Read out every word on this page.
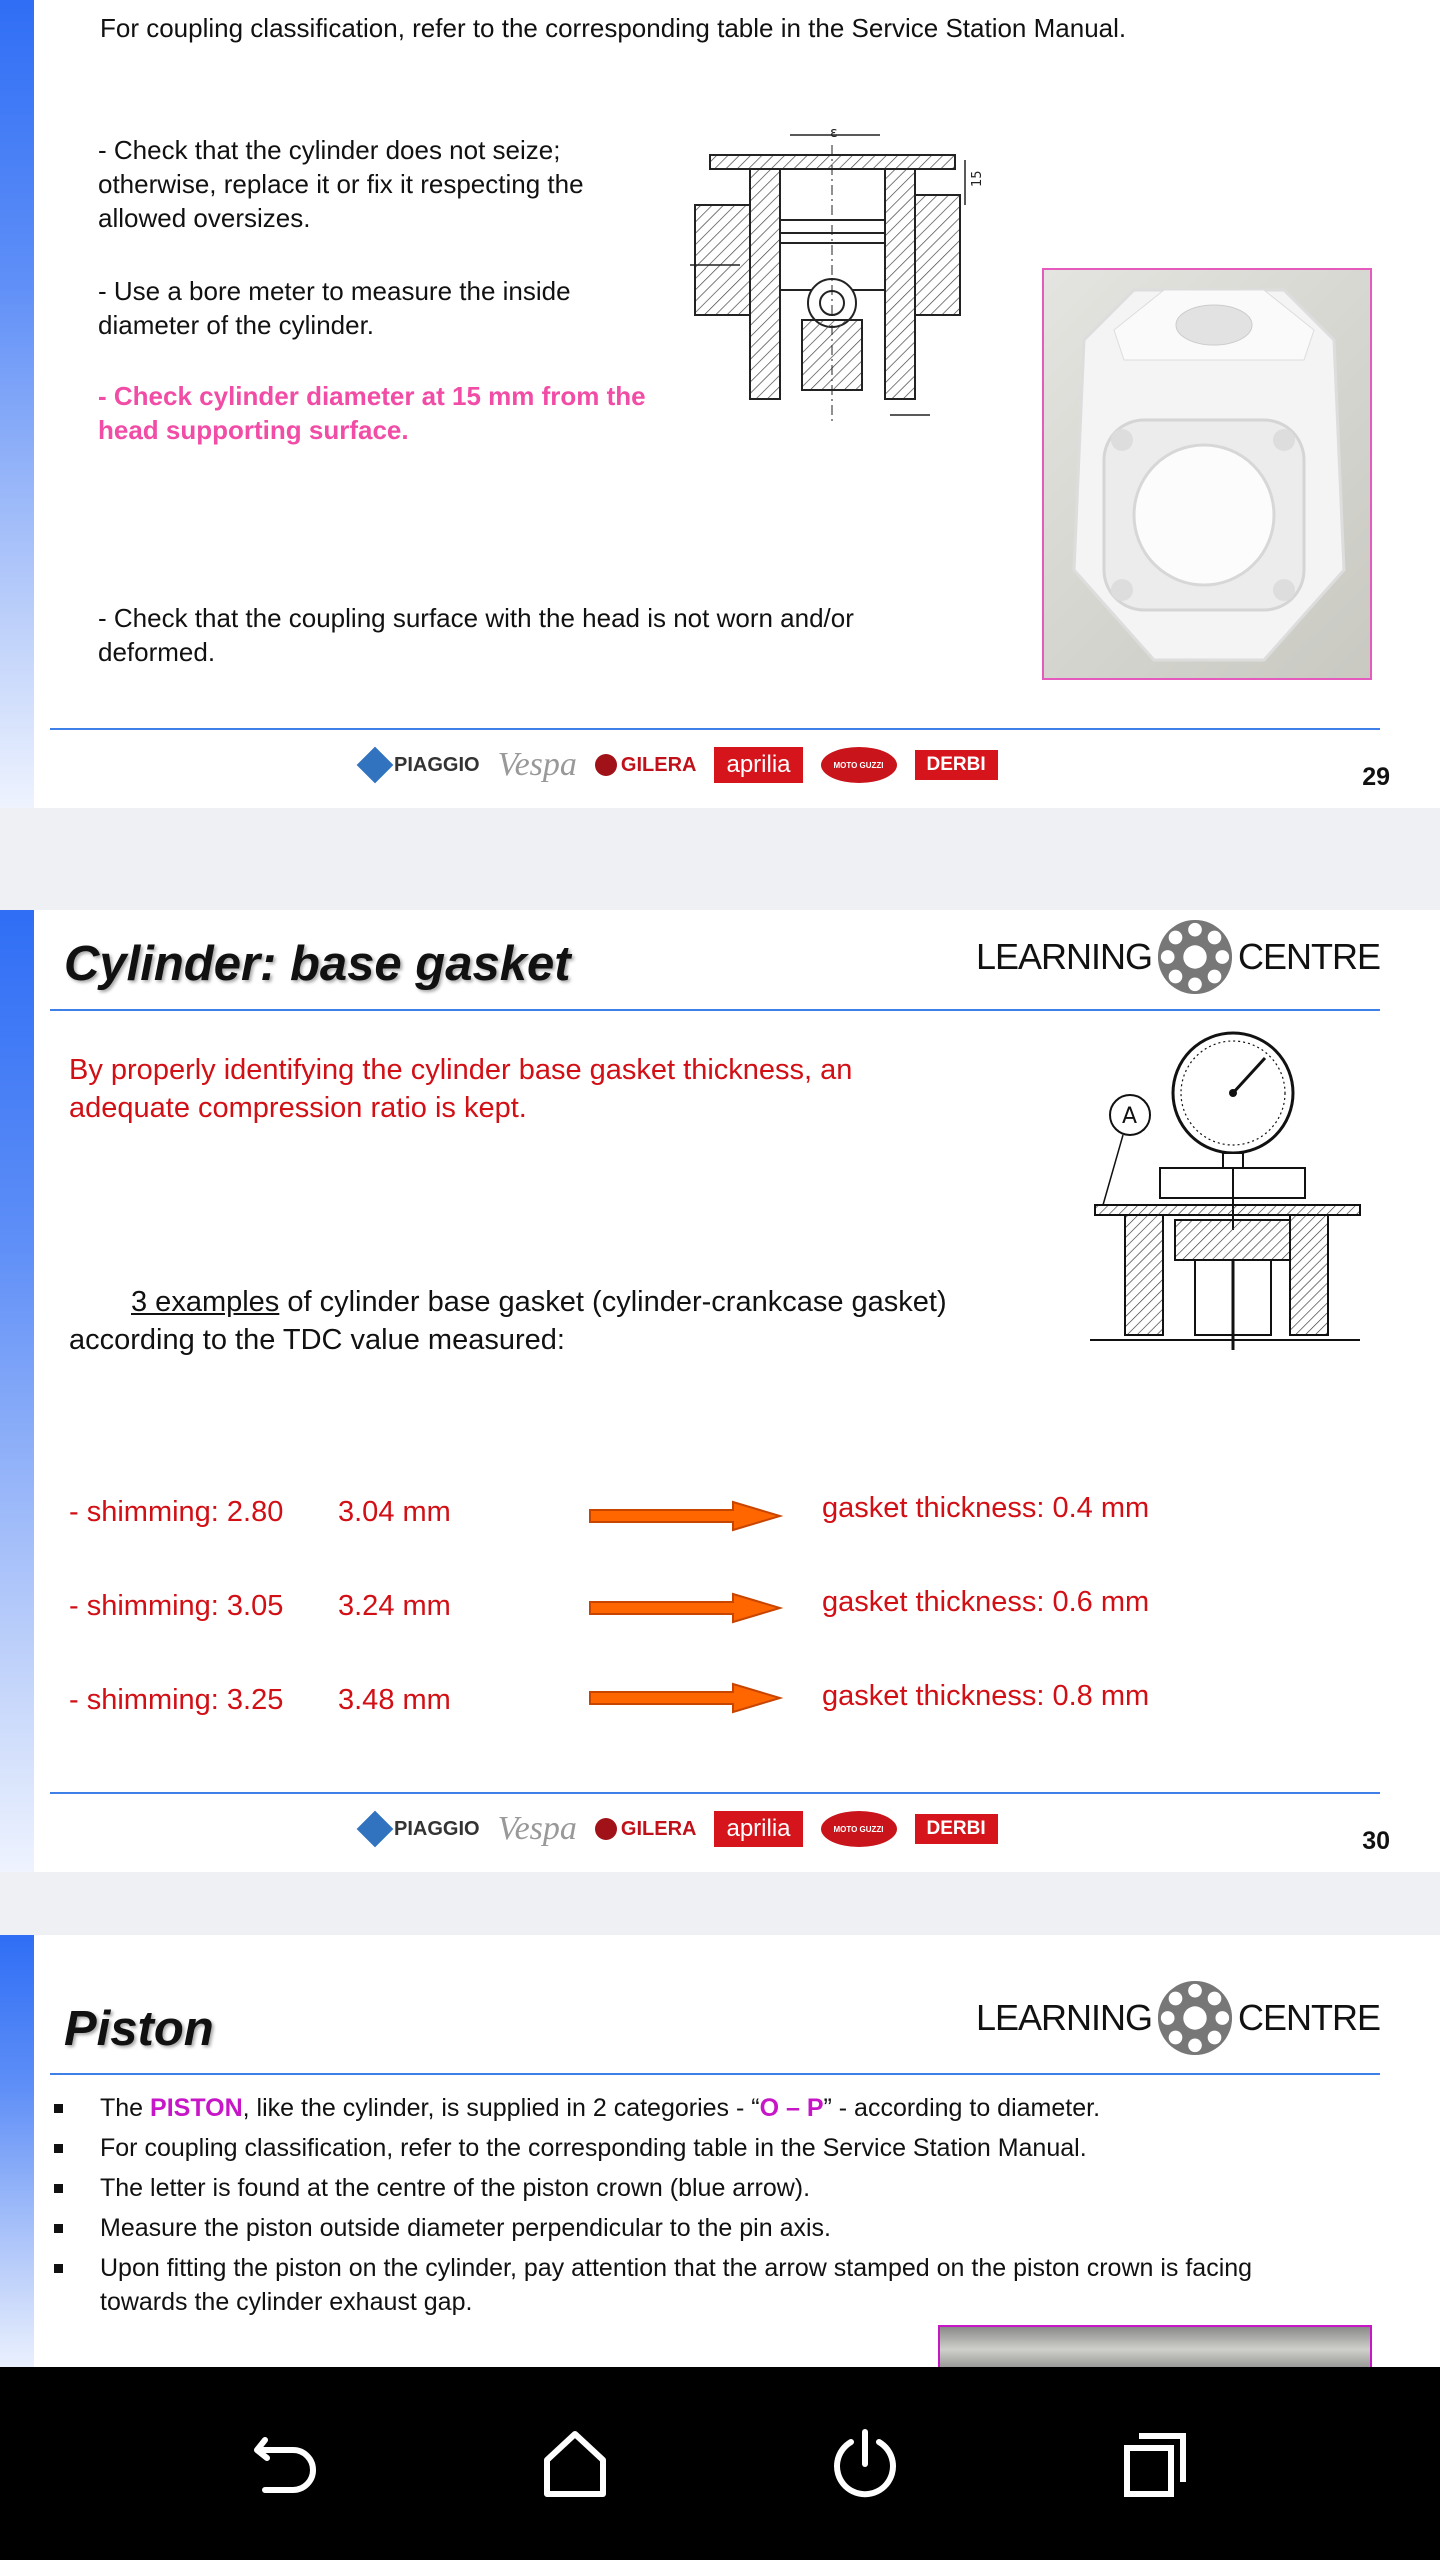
For coupling classification, refer to the corresponding table in the Service Station Manual.
- Check that the cylinder does not seize; otherwise, replace it or fix it respecting the allowed oversizes.
- Use a bore meter to measure the inside diameter of the cylinder.
- Check cylinder diameter at 15 mm from the head supporting surface.
- Check that the coupling surface with the head is not worn and/or deformed.
ε
15
PIAGGIO Vespa GILERA	aprilia	MOTO GUZZI	DERBI	29
Cylinder: base gasket	LEARNING CENTRE
By properly identifying the cylinder base gasket thickness, an adequate compression ratio is kept.
3 examples of cylinder base gasket (cylinder-crankcase gasket) according to the TDC value measured:
A
- shimming: 2.80 3.04 mm	gasket thickness: 0.4 mm
- shimming: 3.05 3.24 mm	gasket thickness: 0.6 mm
- shimming: 3.25 3.48 mm	gasket thickness: 0.8 mm
PIAGGIO Vespa GILERA	aprilia	MOTO GUZZI	DERBI	30
Piston	LEARNING CENTRE
The PISTON, like the cylinder, is supplied in 2 categories - “O – P” - according to diameter.
For coupling classification, refer to the corresponding table in the Service Station Manual.
The letter is found at the centre of the piston crown (blue arrow).
Measure the piston outside diameter perpendicular to the pin axis.
Upon fitting the piston on the cylinder, pay attention that the arrow stamped on the piston crown is facing towards the cylinder exhaust gap.
